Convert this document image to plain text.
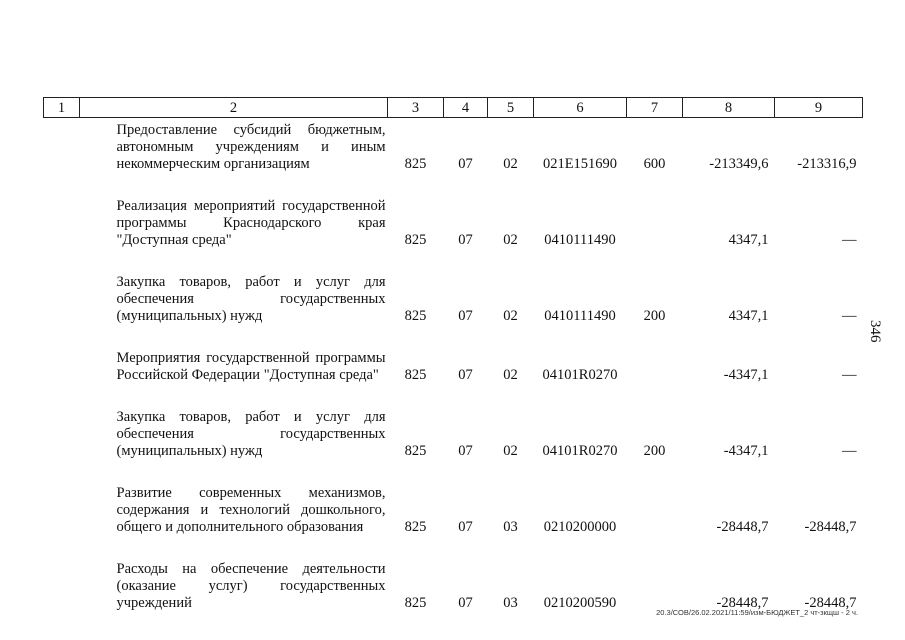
1	2	3	4	5	6	7	8	9

	Предоставление субсидий бюджетным, автономным учреждениям и иным некоммерческим организациям	825	07	02	021E151690	600	-213349,6	-213316,9

	Реализация мероприятий государственной программы Краснодарского края "Доступная среда"	825	07	02	0410111490		4347,1	—

	Закупка товаров, работ и услуг для обеспечения государственных (муниципальных) нужд	825	07	02	0410111490	200	4347,1	—

	Мероприятия государственной программы Российской Федерации "Доступная среда"	825	07	02	04101R0270		-4347,1	—

	Закупка товаров, работ и услуг для обеспечения государственных (муниципальных) нужд	825	07	02	04101R0270	200	-4347,1	—

	Развитие современных механизмов, содержания и технологий дошкольного, общего и дополнительного образования	825	07	03	0210200000		-28448,7	-28448,7

	Расходы на обеспечение деятельности (оказание услуг) государственных учреждений	825	07	03	0210200590		-28448,7	-28448,7
346
20.3/СОВ/26.02.2021/11:59/изм-БЮДЖЕТ_2 чт-зкщш - 2 ч.
